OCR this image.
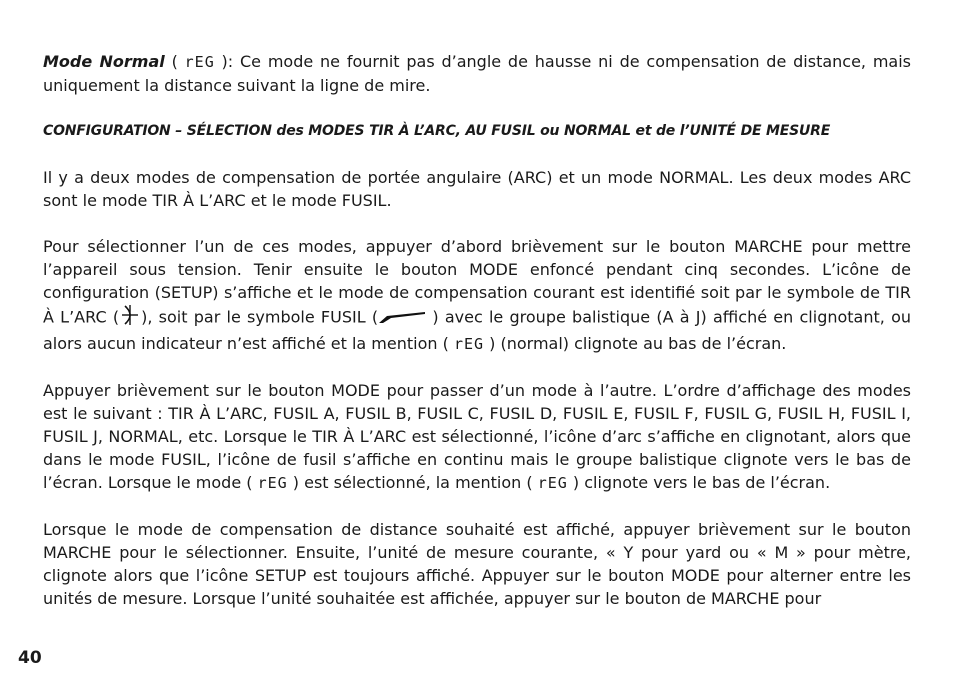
Mode Normal ( rEG ): Ce mode ne fournit pas d’angle de hausse ni de compensation de distance, mais uniquement la distance suivant la ligne de mire.

CONFIGURATION – SÉLECTION des MODES TIR À L’ARC, AU FUSIL ou NORMAL et de l’UNITÉ DE MESURE

Il y a deux modes de compensation de portée angulaire (ARC) et un mode NORMAL. Les deux modes ARC sont le mode TIR À L’ARC et le mode FUSIL.

Pour sélectionner l’un de ces modes, appuyer d’abord brièvement sur le bouton MARCHE pour mettre l’appareil sous tension. Tenir ensuite le bouton MODE enfoncé pendant cinq secondes. L’icône de configuration (SETUP) s’affiche et le mode de compensation courant est identifié soit par le symbole de TIR À L’ARC ( ), soit par le symbole FUSIL (	) avec le groupe balistique (A à J) affiché en clignotant, ou alors aucun indicateur n’est affiché et la mention ( rEG ) (normal) clignote au bas de l’écran.

Appuyer brièvement sur le bouton MODE pour passer d’un mode à l’autre. L’ordre d’affichage des modes est le suivant : TIR À L’ARC, FUSIL A, FUSIL B, FUSIL C, FUSIL D, FUSIL E, FUSIL F, FUSIL G, FUSIL H, FUSIL I, FUSIL J, NORMAL, etc. Lorsque le TIR À L’ARC est sélectionné, l’icône d’arc s’affiche en clignotant, alors que dans le mode FUSIL, l’icône de fusil s’affiche en continu mais le groupe balistique clignote vers le bas de l’écran. Lorsque le mode ( rEG ) est sélectionné, la mention ( rEG ) clignote vers le bas de l’écran.

Lorsque le mode de compensation de distance souhaité est affiché, appuyer brièvement sur le bouton MARCHE pour le sélectionner. Ensuite, l’unité de mesure courante, « Y pour yard ou « M » pour mètre, clignote alors que l’icône SETUP est toujours affiché. Appuyer sur le bouton MODE pour alterner entre les unités de mesure. Lorsque l’unité souhaitée est affichée, appuyer sur le bouton de MARCHE pour

40
